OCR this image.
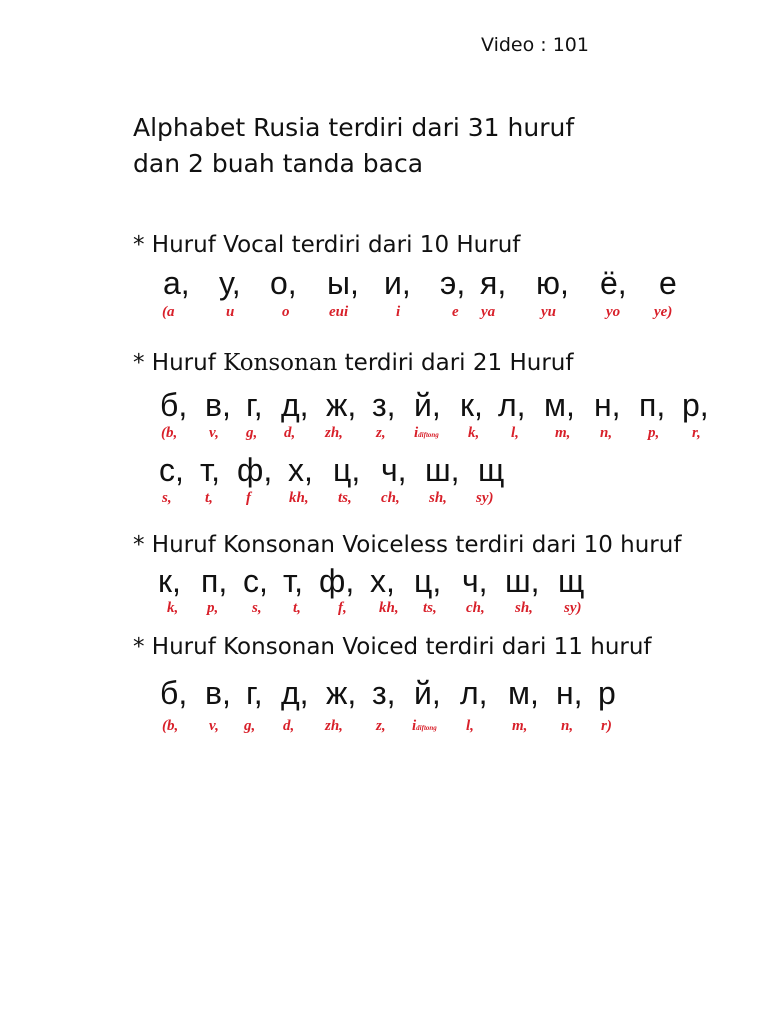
Video : 101
Alphabet Rusia terdiri dari 31 huruf
dan 2 buah tanda baca
* Huruf Vocal terdiri dari 10 Huruf
а, у, о, ы, и, э, я, ю, ё, е
(a	u	o	eui	i	e ya	yu	yo ye)
* Huruf Konsonan terdiri dari 21 Huruf
б, в, г, д, ж, з, й, к, л, м, н, п, р,
(b, v, g, d, zh, z, idiftong k, l, m, n, p, r,
с, т, ф, х, ц, ч, ш, щ
s, t, f	kh, ts, ch, sh, sy)
* Huruf Konsonan Voiceless terdiri dari 10 huruf
к, п, с, т, ф, х, ц, ч, ш, щ
k, p, s, t, f, kh, ts, ch, sh, sy)
* Huruf Konsonan Voiced terdiri dari 11 huruf
б, в, г, д, ж, з, й, л, м, н, р
(b, v, g, d, zh, z, idiftong l,	m, n, r)
